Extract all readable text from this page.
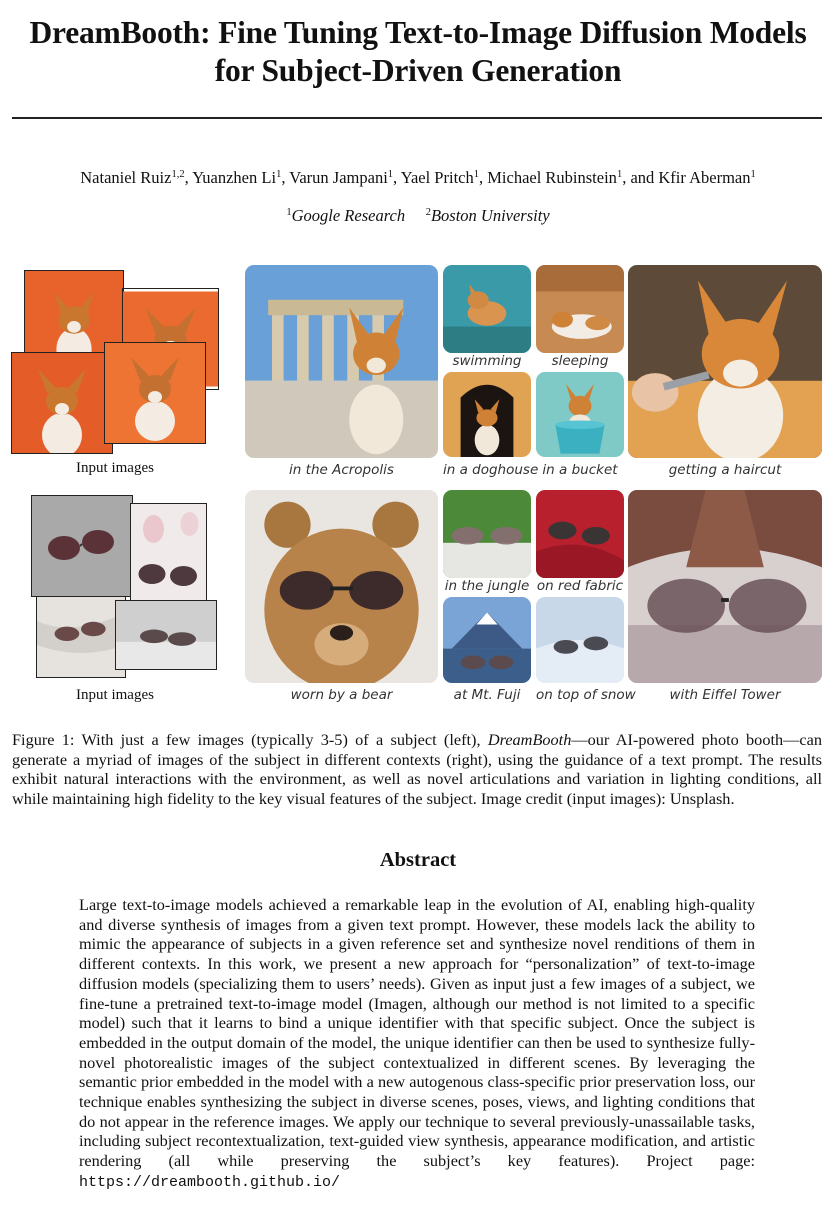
DreamBooth: Fine Tuning Text-to-Image Diffusion Models
for Subject-Driven Generation
Nataniel Ruiz$^{1,2}$, Yuanzhen Li$^1$, Varun Jampani$^1$, Yael Pritch$^1$, Michael Rubinstein$^1$, and Kfir Aberman$^1$
$^1$Google Research $^2$Boston University
Input images	in the Acropolis
swimming	sleeping
in a doghouse in a bucket	getting a haircut
Input images	worn by a bear
in the jungle on red fabric
at Mt. Fuji	on top of snow	with Eiffel Tower
Figure 1: With just a few images (typically 3-5) of a subject (left), DreamBooth—our AI-powered photo booth—can generate a myriad of images of the subject in different contexts (right), using the guidance of a text prompt. The results exhibit natural interactions with the environment, as well as novel articulations and variation in lighting conditions, all while maintaining high fidelity to the key visual features of the subject. Image credit (input images): Unsplash.
Abstract
Large text-to-image models achieved a remarkable leap in the evolution of AI, enabling high-quality and diverse synthesis of images from a given text prompt. However, these models lack the ability to mimic the appearance of subjects in a given reference set and synthesize novel renditions of them in different contexts. In this work, we present a new approach for “personalization” of text-to-image diffusion models (specializing them to users’ needs). Given as input just a few images of a subject, we fine-tune a pretrained text-to-image model (Imagen, although our method is not limited to a specific model) such that it learns to bind a unique identifier with that specific subject. Once the subject is embedded in the output domain of the model, the unique identifier can then be used to synthesize fully-novel photorealistic images of the subject contextualized in different scenes. By leveraging the semantic prior embedded in the model with a new autogenous class-specific prior preservation loss, our technique enables synthesizing the subject in diverse scenes, poses, views, and lighting conditions that do not appear in the reference images. We apply our technique to several previously-unassailable tasks, including subject recontextualization, text-guided view synthesis, appearance modification, and artistic rendering (all while preserving the subject’s key features). Project page: https://dreambooth.github.io/
